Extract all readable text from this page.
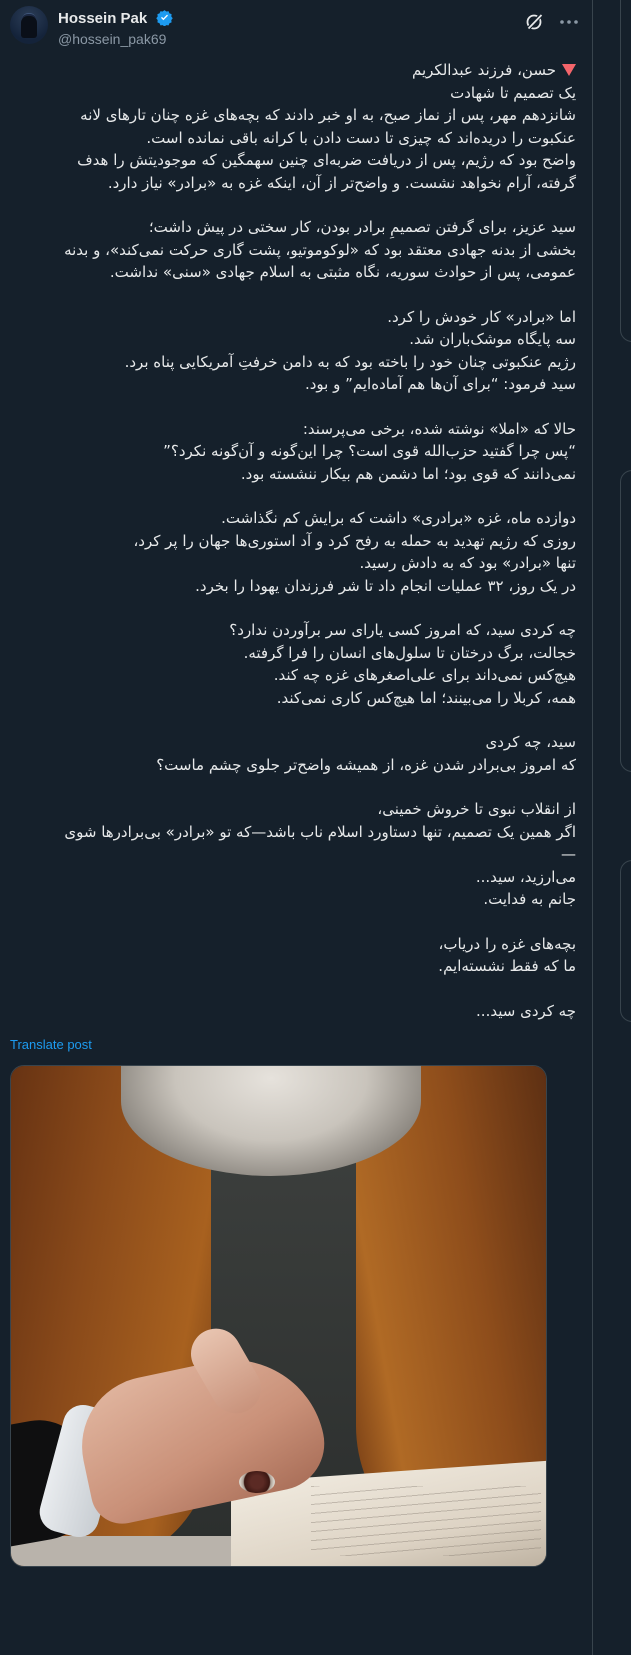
Hossein Pak
@hossein_pak69

حسن، فرزند عبدالکریم
یک تصمیم تا شهادت
شانزدهم مهر، پس از نماز صبح، به او خبر دادند که بچه‌های غزه چنان تارهای لانه
عنکبوت را دریده‌اند که چیزی تا دست دادن با کرانه باقی نمانده است.
واضح بود که رژیم، پس از دریافت ضربه‌ای چنین سهمگین که موجودیتش را هدف
گرفته، آرام نخواهد نشست. و واضح‌تر از آن، اینکه غزه به «برادر» نیاز دارد.

سید عزیز، برای گرفتن تصمیمِ برادر بودن، کار سختی در پیش داشت؛
بخشی از بدنه جهادی معتقد بود که «لوکوموتیو، پشت گاری حرکت نمی‌کند»، و بدنه
عمومی، پس از حوادث سوریه، نگاه مثبتی به اسلام جهادی «سنی» نداشت.

اما «برادر» کار خودش را کرد.
سه پایگاه موشک‌باران شد.
رژیم عنکبوتی چنان خود را باخته بود که به دامن خرفتِ آمریکایی پناه برد.
سید فرمود: “برای آن‌ها هم آماده‌ایم” و بود.

حالا که «املا» نوشته شده، برخی می‌پرسند:
“پس چرا گفتید حزب‌الله قوی است؟ چرا این‌گونه و آن‌گونه نکرد؟”
نمی‌دانند که قوی بود؛ اما دشمن هم بیکار ننشسته بود.

دوازده ماه، غزه «برادری» داشت که برایش کم نگذاشت.
روزی که رژیم تهدید به حمله به رفح کرد و آد استوری‌ها جهان را پر کرد،
تنها «برادر» بود که به دادش رسید.
در یک روز، ۳۲ عملیات انجام داد تا شر فرزندان یهودا را بخرد.

چه کردی سید، که امروز کسی یارای سر برآوردن ندارد؟
خجالت، برگ درختان تا سلول‌های انسان را فرا گرفته.
هیچ‌کس نمی‌داند برای علی‌اصغرهای غزه چه کند.
همه، کربلا را می‌بینند؛ اما هیچ‌کس کاری نمی‌کند.

سید، چه کردی
که امروز بی‌برادر شدن غزه، از همیشه واضح‌تر جلوی چشم ماست؟

از انقلاب نبوی تا خروش خمینی،
اگر همین یک تصمیم، تنها دستاورد اسلام ناب باشد—که تو «برادر» بی‌برادرها شوی
—
می‌ارزید، سید...
جانم به فدایت.

بچه‌های غزه را دریاب،
ما که فقط نشسته‌ایم.

چه کردی سید...

Translate post
